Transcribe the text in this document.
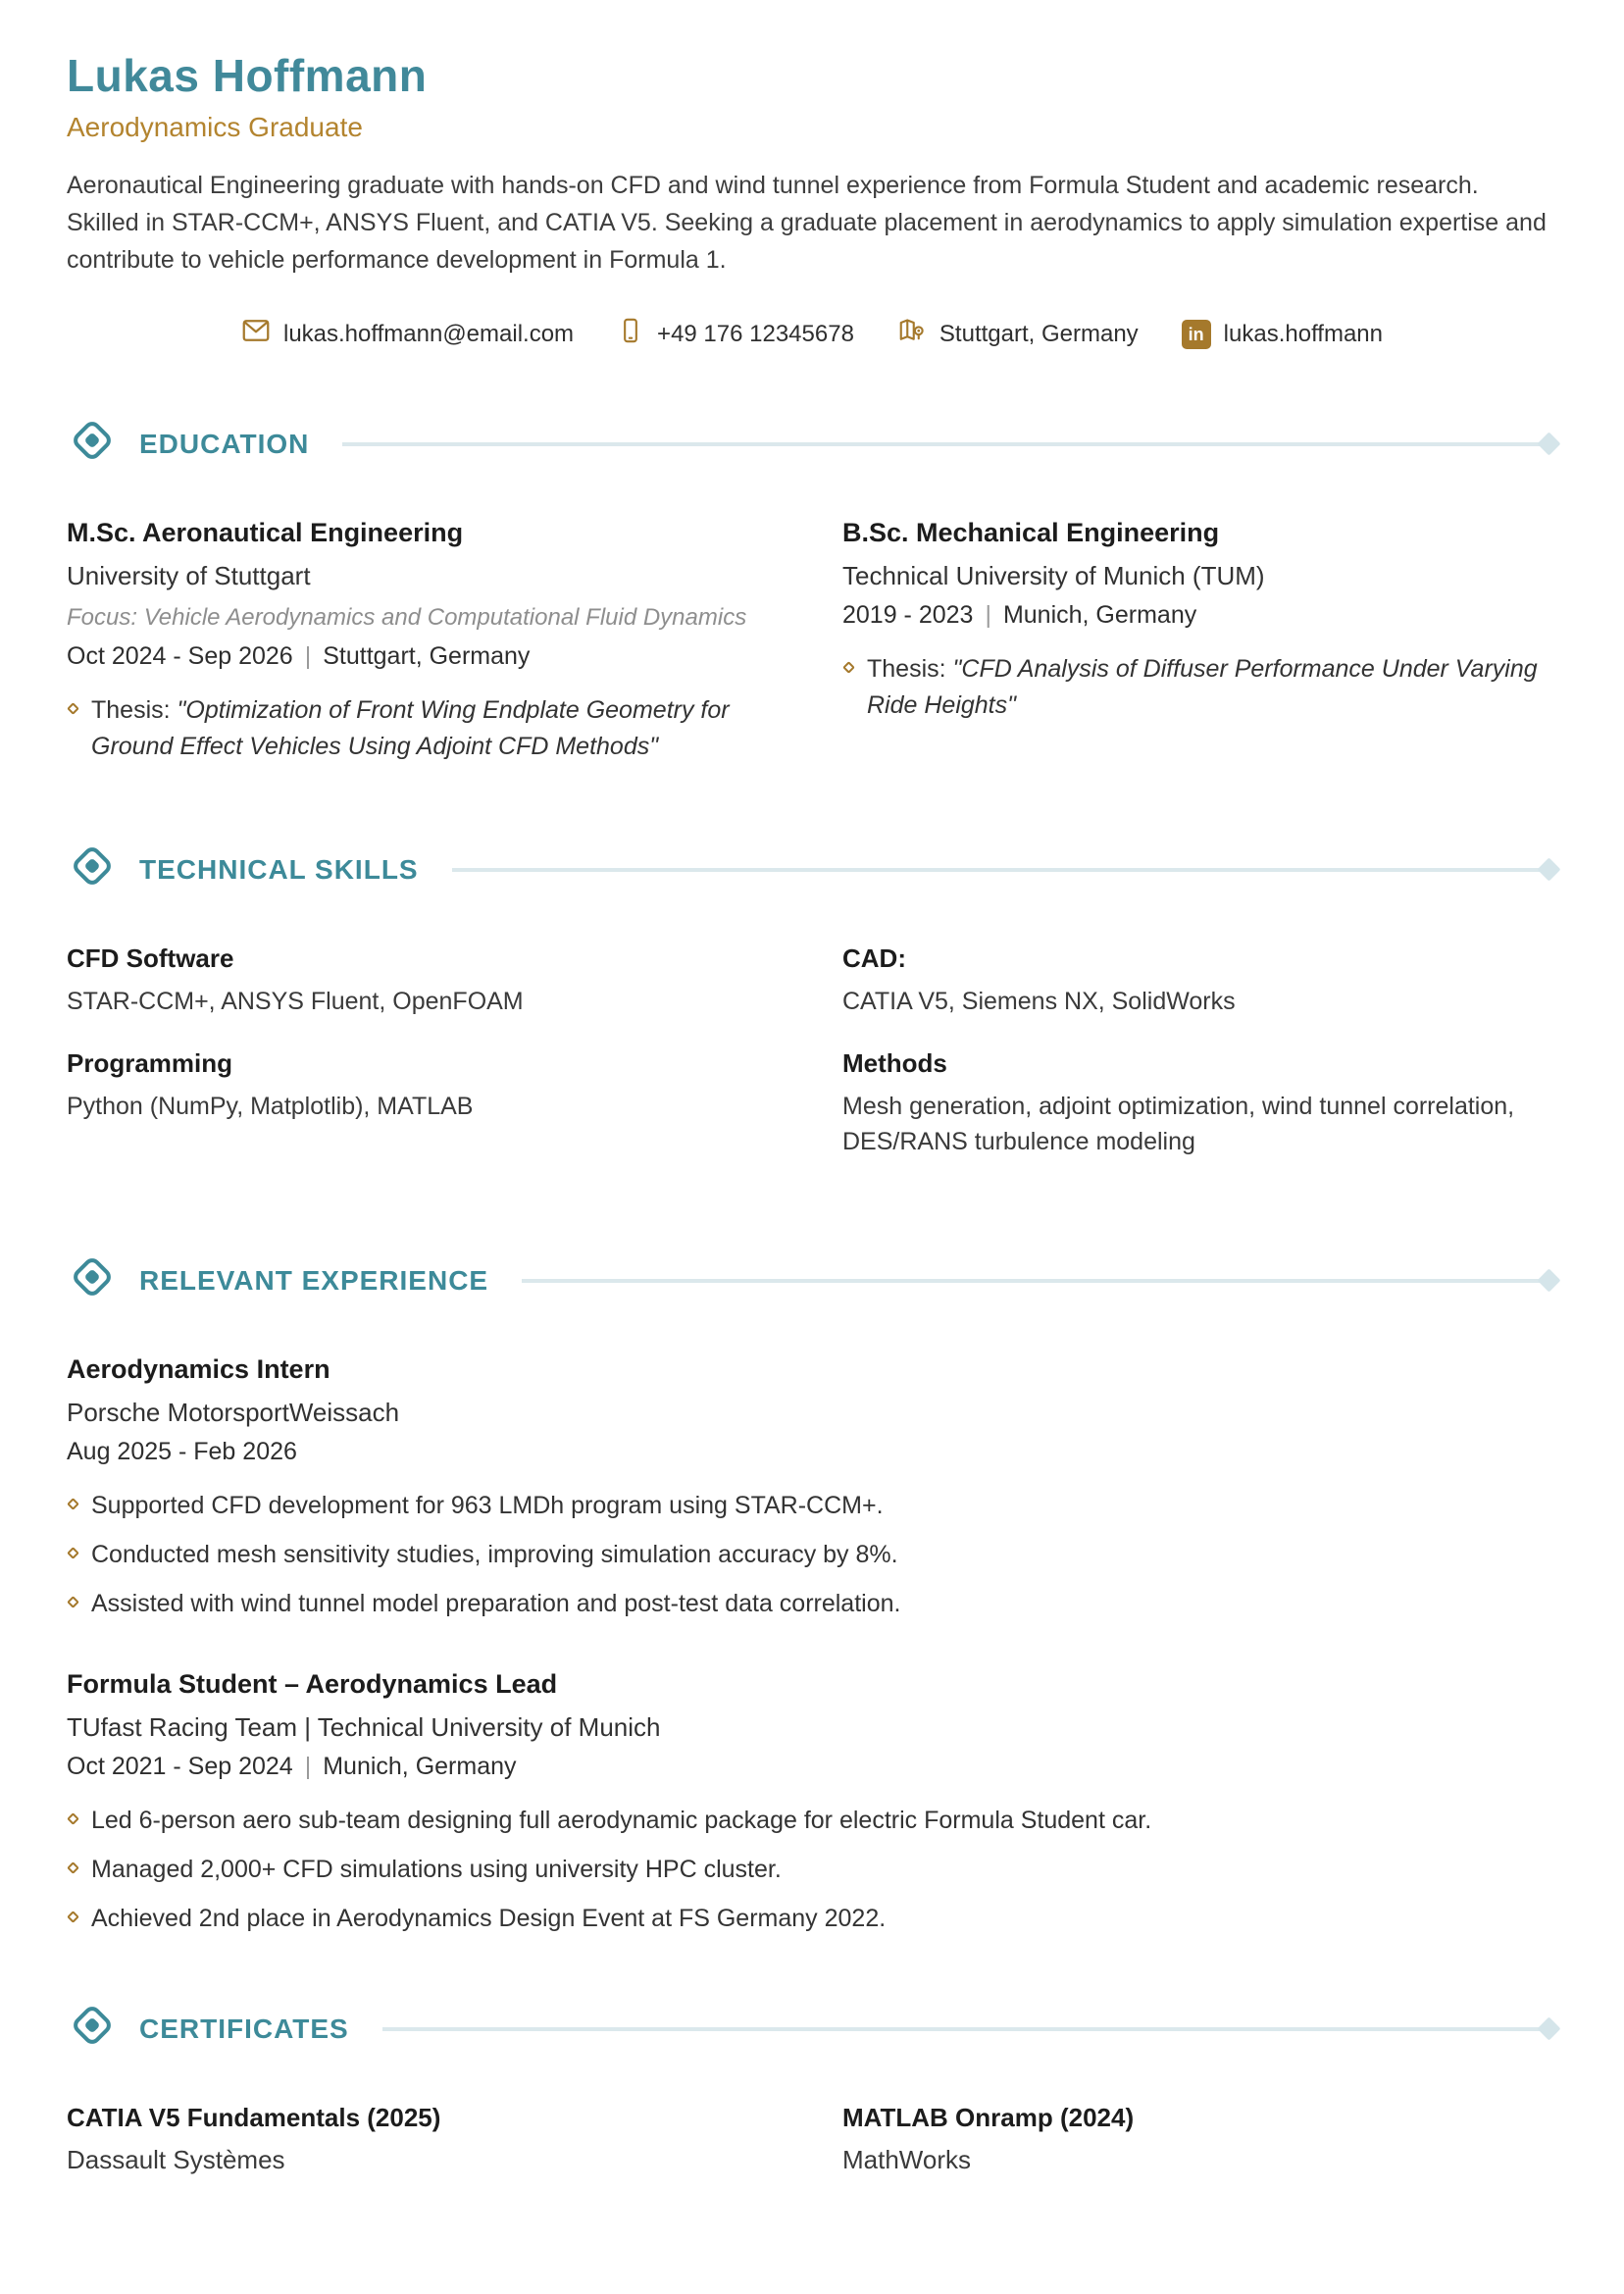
Lukas Hoffmann
Aerodynamics Graduate

Aeronautical Engineering graduate with hands-on CFD and wind tunnel experience from Formula Student and academic research. Skilled in STAR-CCM+, ANSYS Fluent, and CATIA V5. Seeking a graduate placement in aerodynamics to apply simulation expertise and contribute to vehicle performance development in Formula 1.

lukas.hoffmann@email.com	+49 176 12345678	Stuttgart, Germany	in lukas.hoffmann
EDUCATION
M.Sc. Aeronautical Engineering
University of Stuttgart
Focus: Vehicle Aerodynamics and Computational Fluid Dynamics
Oct 2024 - Sep 2026 | Stuttgart, Germany
Thesis: "Optimization of Front Wing Endplate Geometry for Ground Effect Vehicles Using Adjoint CFD Methods"
B.Sc. Mechanical Engineering
Technical University of Munich (TUM)
2019 - 2023 | Munich, Germany
Thesis: "CFD Analysis of Diffuser Performance Under Varying Ride Heights"
TECHNICAL SKILLS
CFD Software
STAR-CCM+, ANSYS Fluent, OpenFOAM
Programming
Python (NumPy, Matplotlib), MATLAB
CAD:
CATIA V5, Siemens NX, SolidWorks
Methods
Mesh generation, adjoint optimization, wind tunnel correlation, DES/RANS turbulence modeling
RELEVANT EXPERIENCE
Aerodynamics Intern
Porsche MotorsportWeissach
Aug 2025 - Feb 2026
Supported CFD development for 963 LMDh program using STAR-CCM+.
Conducted mesh sensitivity studies, improving simulation accuracy by 8%.
Assisted with wind tunnel model preparation and post-test data correlation.
Formula Student – Aerodynamics Lead
TUfast Racing Team | Technical University of Munich
Oct 2021 - Sep 2024 | Munich, Germany
Led 6-person aero sub-team designing full aerodynamic package for electric Formula Student car.
Managed 2,000+ CFD simulations using university HPC cluster.
Achieved 2nd place in Aerodynamics Design Event at FS Germany 2022.
CERTIFICATES
CATIA V5 Fundamentals (2025)
Dassault Systèmes
MATLAB Onramp (2024)
MathWorks
